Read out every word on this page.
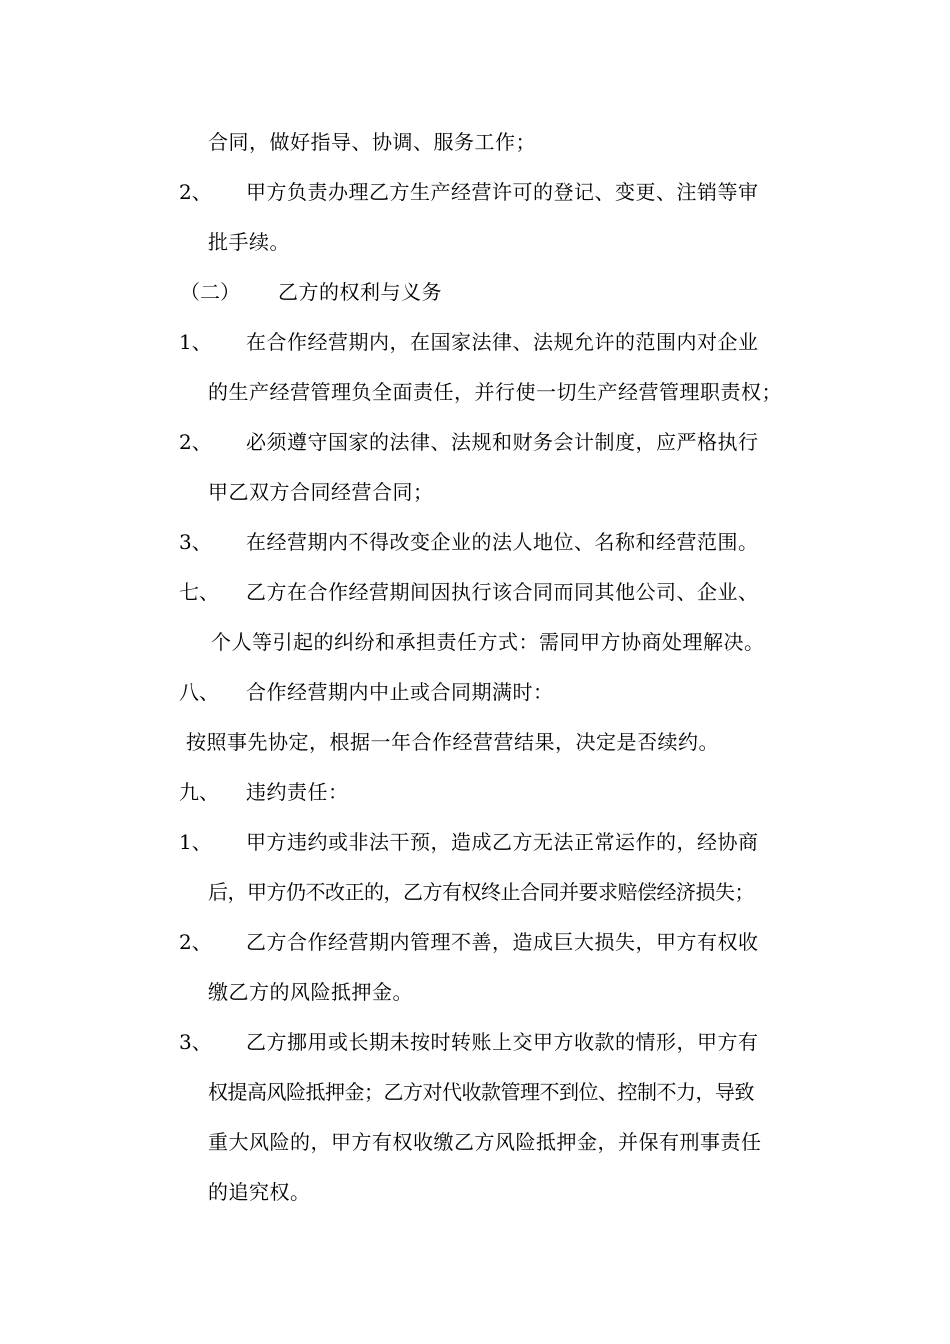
合同，做好指导、协调、服务工作；
2、 甲方负责办理乙方生产经营许可的登记、变更、注销等审
批手续。
（二） 乙方的权利与义务
1、 在合作经营期内，在国家法律、法规允许的范围内对企业
的生产经营管理负全面责任，并行使一切生产经营管理职责权；
2、 必须遵守国家的法律、法规和财务会计制度，应严格执行
甲乙双方合同经营合同；
3、 在经营期内不得改变企业的法人地位、名称和经营范围。
七、 乙方在合作经营期间因执行该合同而同其他公司、企业、
个人等引起的纠纷和承担责任方式：需同甲方协商处理解决。
八、 合作经营期内中止或合同期满时：
按照事先协定，根据一年合作经营营结果，决定是否续约。
九、 违约责任：
1、 甲方违约或非法干预，造成乙方无法正常运作的，经协商
后，甲方仍不改正的，乙方有权终止合同并要求赔偿经济损失；
2、 乙方合作经营期内管理不善，造成巨大损失，甲方有权收
缴乙方的风险抵押金。
3、 乙方挪用或长期未按时转账上交甲方收款的情形，甲方有
权提高风险抵押金；乙方对代收款管理不到位、控制不力，导致
重大风险的，甲方有权收缴乙方风险抵押金，并保有刑事责任
的追究权。
